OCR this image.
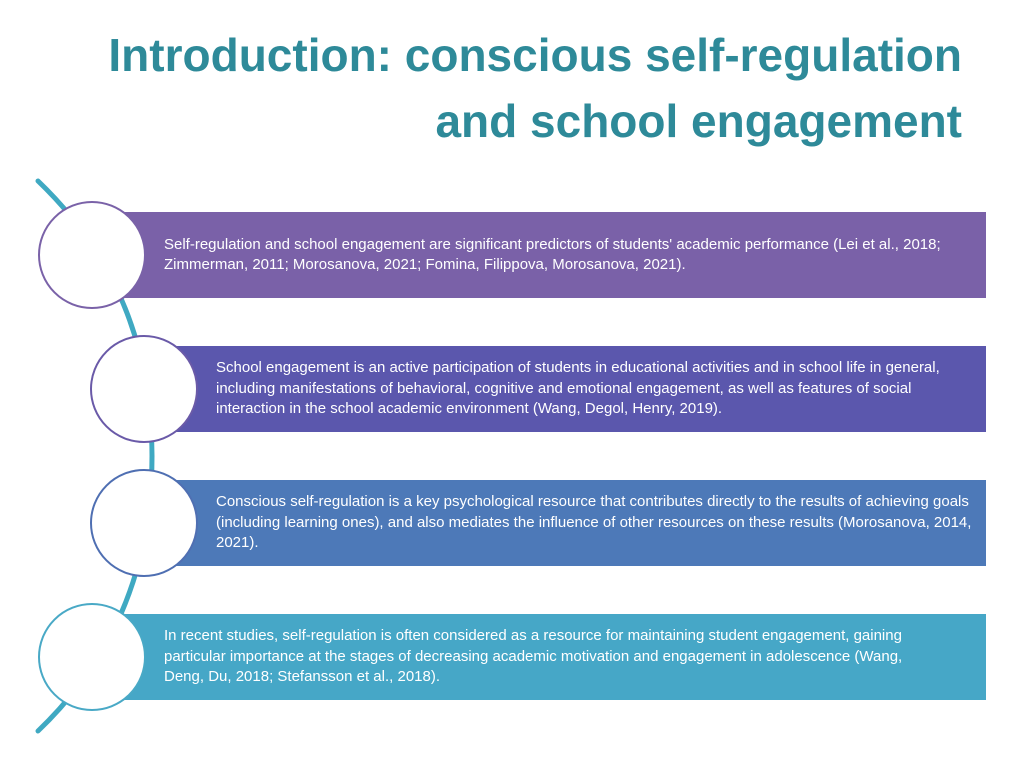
Introduction: conscious self-regulation and school engagement
Self-regulation and school engagement are significant predictors of students' academic performance (Lei et al., 2018; Zimmerman, 2011; Morosanova, 2021; Fomina, Filippova, Morosanova, 2021).
School engagement is an active participation of students in educational activities and in school life in general, including manifestations of behavioral, cognitive and emotional engagement, as well as features of social interaction in the school academic environment (Wang, Degol, Henry, 2019).
Conscious self-regulation is a key psychological resource that contributes directly to the results of achieving goals (including learning ones), and also mediates the influence of other resources on these results (Morosanova, 2014, 2021).
In recent studies, self-regulation is often considered as a resource for maintaining student engagement, gaining particular importance at the stages of decreasing academic motivation and engagement in adolescence (Wang, Deng, Du, 2018; Stefansson et al., 2018).
